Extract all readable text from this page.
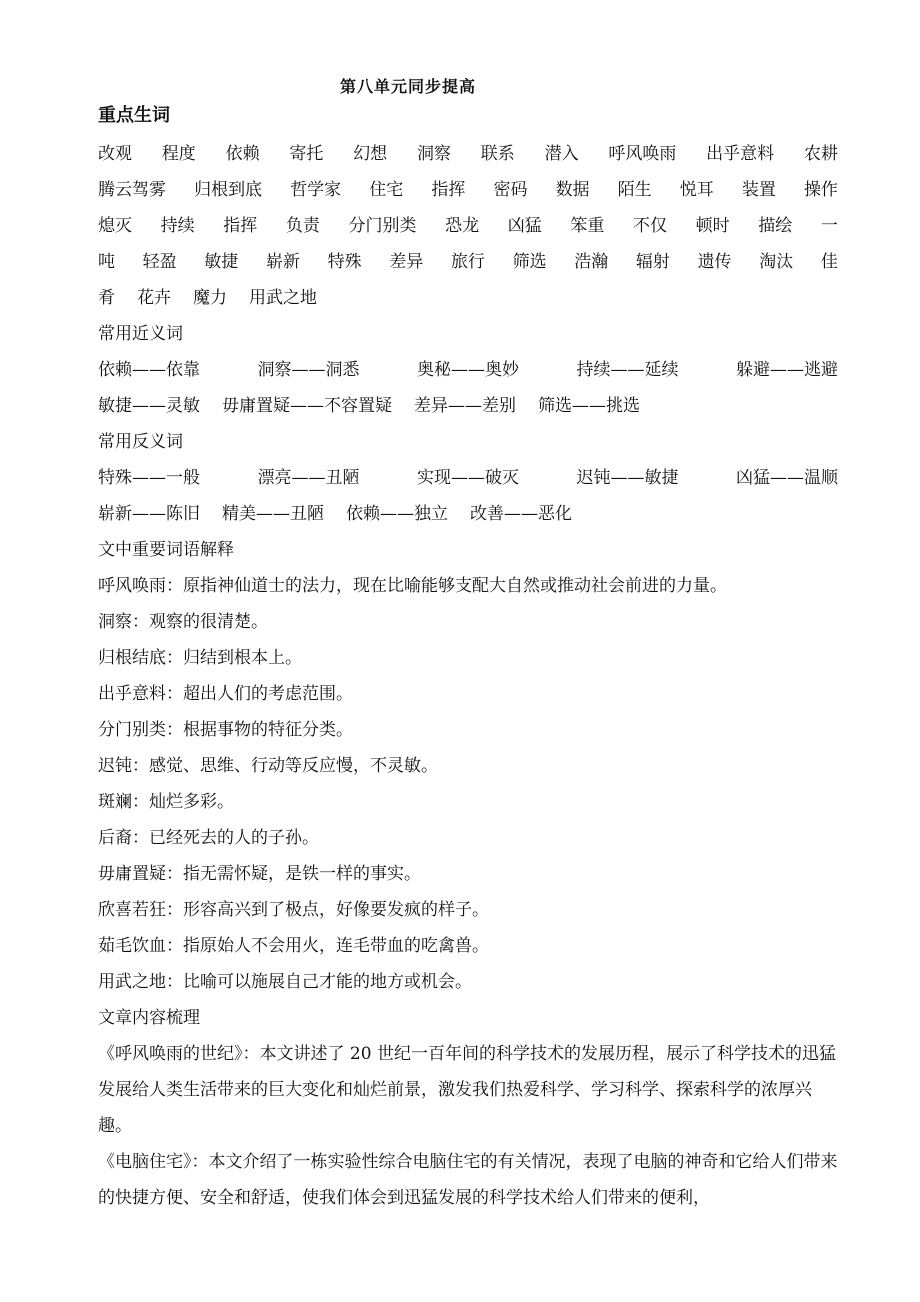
第八单元同步提高
重点生词
改观 程度 依赖 寄托 幻想 洞察 联系 潜入 呼风唤雨 出乎意料 农耕
腾云驾雾 归根到底 哲学家 住宅 指挥 密码 数据 陌生 悦耳 装置 操作
熄灭 持续 指挥 负责 分门别类 恐龙 凶猛 笨重 不仅 顿时 描绘 一
吨 轻盈 敏捷 崭新 特殊 差异 旅行 筛选 浩瀚 辐射 遗传 淘汰 佳
肴 花卉 魔力 用武之地
常用近义词
依赖——依靠	洞察——洞悉	奥秘——奥妙	持续——延续	躲避——逃避
敏捷——灵敏 毋庸置疑——不容置疑 差异——差别 筛选——挑选
常用反义词
特殊——一般	漂亮——丑陋	实现——破灭	迟钝——敏捷	凶猛——温顺
崭新——陈旧 精美——丑陋 依赖——独立 改善——恶化
文中重要词语解释
呼风唤雨：原指神仙道士的法力，现在比喻能够支配大自然或推动社会前进的力量。
洞察：观察的很清楚。
归根结底：归结到根本上。
出乎意料：超出人们的考虑范围。
分门别类：根据事物的特征分类。
迟钝：感觉、思维、行动等反应慢，不灵敏。
斑斓：灿烂多彩。
后裔：已经死去的人的子孙。
毋庸置疑：指无需怀疑，是铁一样的事实。
欣喜若狂：形容高兴到了极点，好像要发疯的样子。
茹毛饮血：指原始人不会用火，连毛带血的吃禽兽。
用武之地：比喻可以施展自己才能的地方或机会。
文章内容梳理
《呼风唤雨的世纪》：本文讲述了 20 世纪一百年间的科学技术的发展历程，展示了科学技术的迅猛发展给人类生活带来的巨大变化和灿烂前景，激发我们热爱科学、学习科学、探索科学的浓厚兴趣。
《电脑住宅》：本文介绍了一栋实验性综合电脑住宅的有关情况，表现了电脑的神奇和它给人们带来的快捷方便、安全和舒适，使我们体会到迅猛发展的科学技术给人们带来的便利，
